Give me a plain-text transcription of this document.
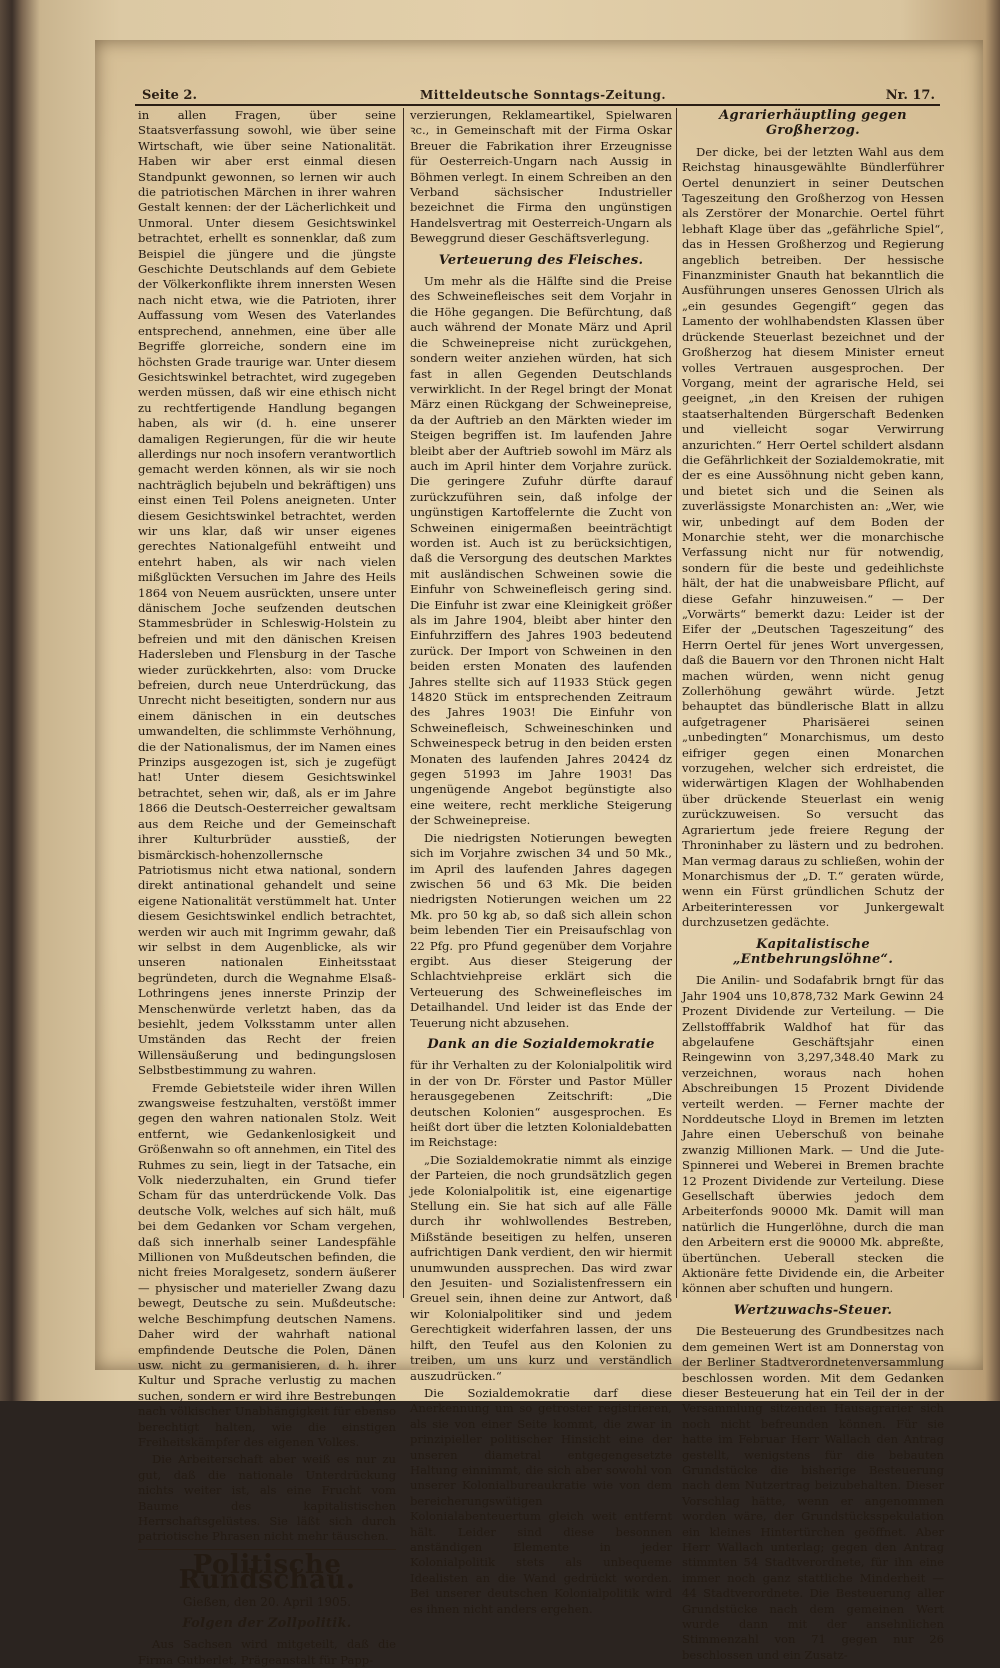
Seite 2.	Mitteldeutsche Sonntags-Zeitung.	Nr. 17.

in allen Fragen, über seine Staatsverfassung sowohl, wie über seine Wirtschaft, wie über seine Nationalität. Haben wir aber erst einmal diesen Standpunkt gewonnen, so lernen wir auch die patriotischen Märchen in ihrer wahren Gestalt kennen: der der Lächerlichkeit und Unmoral. Unter diesem Gesichtswinkel betrachtet, erhellt es sonnenklar, daß zum Beispiel die jüngere und die jüngste Geschichte Deutschlands auf dem Gebiete der Völkerkonflikte ihrem innersten Wesen nach nicht etwa, wie die Patrioten, ihrer Auffassung vom Wesen des Vaterlandes entsprechend, annehmen, eine über alle Begriffe glorreiche, sondern eine im höchsten Grade traurige war. Unter diesem Gesichtswinkel betrachtet, wird zugegeben werden müssen, daß wir eine ethisch nicht zu rechtfertigende Handlung begangen haben, als wir (d. h. eine unserer damaligen Regierungen, für die wir heute allerdings nur noch insofern verantwortlich gemacht werden können, als wir sie noch nachträglich bejubeln und bekräftigen) uns einst einen Teil Polens aneigneten. Unter diesem Gesichtswinkel betrachtet, werden wir uns klar, daß wir unser eigenes gerechtes Nationalgefühl entweiht und entehrt haben, als wir nach vielen mißglückten Versuchen im Jahre des Heils 1864 von Neuem ausrückten, unsere unter dänischem Joche seufzenden deutschen Stammesbrüder in Schleswig-Holstein zu befreien und mit den dänischen Kreisen Hadersleben und Flensburg in der Tasche wieder zurückkehrten, also: vom Drucke befreien, durch neue Unterdrückung, das Unrecht nicht beseitigten, sondern nur aus einem dänischen in ein deutsches umwandelten, die schlimmste Verhöhnung, die der Nationalismus, der im Namen eines Prinzips ausgezogen ist, sich je zugefügt hat! Unter diesem Gesichtswinkel betrachtet, sehen wir, daß, als er im Jahre 1866 die Deutsch-Oesterreicher gewaltsam aus dem Reiche und der Gemeinschaft ihrer Kulturbrüder ausstieß, der bismärckisch-hohenzollernsche Patriotismus nicht etwa national, sondern direkt antinational gehandelt und seine eigene Nationalität verstümmelt hat. Unter diesem Gesichtswinkel endlich betrachtet, werden wir auch mit Ingrimm gewahr, daß wir selbst in dem Augenblicke, als wir unseren nationalen Einheitsstaat begründeten, durch die Wegnahme Elsaß-Lothringens jenes innerste Prinzip der Menschenwürde verletzt haben, das da besiehlt, jedem Volksstamm unter allen Umständen das Recht der freien Willensäußerung und bedingungslosen Selbstbestimmung zu wahren.

Fremde Gebietsteile wider ihren Willen zwangsweise festzuhalten, verstößt immer gegen den wahren nationalen Stolz. Weit entfernt, wie Gedankenlosigkeit und Größenwahn so oft annehmen, ein Titel des Ruhmes zu sein, liegt in der Tatsache, ein Volk niederzuhalten, ein Grund tiefer Scham für das unterdrückende Volk. Das deutsche Volk, welches auf sich hält, muß bei dem Gedanken vor Scham vergehen, daß sich innerhalb seiner Landespfähle Millionen von Mußdeutschen befinden, die nicht freies Moralgesetz, sondern äußerer — physischer und materieller Zwang dazu bewegt, Deutsche zu sein. Mußdeutsche: welche Beschimpfung deutschen Namens. Daher wird der wahrhaft national empfindende Deutsche die Polen, Dänen usw. nicht zu germanisieren, d. h. ihrer Kultur und Sprache verlustig zu machen suchen, sondern er wird ihre Bestrebungen nach völkischer Unabhängigkeit für ebenso berechtigt halten, wie die einstigen Freiheitskämpfer des eigenen Volkes.

Die Arbeiterschaft aber weiß es nur zu gut, daß die nationale Unterdrückung nichts weiter ist, als eine Frucht vom Baume des kapitalistischen Herrschaftsgelüstes. Sie läßt sich durch patriotische Phrasen nicht mehr täuschen.

Politische Rundschau.
Gießen, den 20. April 1905.
Folgen der Zollpolitik.

Aus Sachsen wird mitgeteilt, daß die Firma Gutberlet, Prägeanstalt für Papp-

verzierungen, Reklameartikel, Spielwaren ꝛc., in Gemeinschaft mit der Firma Oskar Breuer die Fabrikation ihrer Erzeugnisse für Oesterreich-Ungarn nach Aussig in Böhmen verlegt. In einem Schreiben an den Verband sächsischer Industrieller bezeichnet die Firma den ungünstigen Handelsvertrag mit Oesterreich-Ungarn als Beweggrund dieser Geschäftsverlegung.

Verteuerung des Fleisches.

Um mehr als die Hälfte sind die Preise des Schweinefleisches seit dem Vorjahr in die Höhe gegangen. Die Befürchtung, daß auch während der Monate März und April die Schweinepreise nicht zurückgehen, sondern weiter anziehen würden, hat sich fast in allen Gegenden Deutschlands verwirklicht. In der Regel bringt der Monat März einen Rückgang der Schweinepreise, da der Auftrieb an den Märkten wieder im Steigen begriffen ist. Im laufenden Jahre bleibt aber der Auftrieb sowohl im März als auch im April hinter dem Vorjahre zurück. Die geringere Zufuhr dürfte darauf zurückzuführen sein, daß infolge der ungünstigen Kartoffelernte die Zucht von Schweinen einigermaßen beeinträchtigt worden ist. Auch ist zu berücksichtigen, daß die Versorgung des deutschen Marktes mit ausländischen Schweinen sowie die Einfuhr von Schweinefleisch gering sind. Die Einfuhr ist zwar eine Kleinigkeit größer als im Jahre 1904, bleibt aber hinter den Einfuhrziffern des Jahres 1903 bedeutend zurück. Der Import von Schweinen in den beiden ersten Monaten des laufenden Jahres stellte sich auf 11933 Stück gegen 14820 Stück im entsprechenden Zeitraum des Jahres 1903! Die Einfuhr von Schweinefleisch, Schweineschinken und Schweinespeck betrug in den beiden ersten Monaten des laufenden Jahres 20424 dz gegen 51993 im Jahre 1903! Das ungenügende Angebot begünstigte also eine weitere, recht merkliche Steigerung der Schweinepreise.

Die niedrigsten Notierungen bewegten sich im Vorjahre zwischen 34 und 50 Mk., im April des laufenden Jahres dagegen zwischen 56 und 63 Mk. Die beiden niedrigsten Notierungen weichen um 22 Mk. pro 50 kg ab, so daß sich allein schon beim lebenden Tier ein Preisaufschlag von 22 Pfg. pro Pfund gegenüber dem Vorjahre ergibt. Aus dieser Steigerung der Schlachtviehpreise erklärt sich die Verteuerung des Schweinefleisches im Detailhandel. Und leider ist das Ende der Teuerung nicht abzusehen.

Dank an die Sozialdemokratie

für ihr Verhalten zu der Kolonialpolitik wird in der von Dr. Förster und Pastor Müller herausgegebenen Zeitschrift: „Die deutschen Kolonien“ ausgesprochen. Es heißt dort über die letzten Kolonialdebatten im Reichstage:

„Die Sozialdemokratie nimmt als einzige der Parteien, die noch grundsätzlich gegen jede Kolonialpolitik ist, eine eigenartige Stellung ein. Sie hat sich auf alle Fälle durch ihr wohlwollendes Bestreben, Mißstände beseitigen zu helfen, unseren aufrichtigen Dank verdient, den wir hiermit unumwunden aussprechen. Das wird zwar den Jesuiten- und Sozialistenfressern ein Greuel sein, ihnen deine zur Antwort, daß wir Kolonialpolitiker sind und jedem Gerechtigkeit widerfahren lassen, der uns hilft, den Teufel aus den Kolonien zu treiben, um uns kurz und verständlich auszudrücken.“

Die Sozialdemokratie darf diese Anerkennung um so getroster registrieren, als sie von einer Seite kommt, die zwar in prinzipieller politischer Hinsicht eine der unseren diametral entgegengesetzte Haltung einnimmt, die sich aber sowohl von unserer Kolonialbureaukratie wie von dem bereicherungswütigen Kolonialabenteuertum gleich weit entfernt hält. Leider sind diese besonnen anständigen Elemente in jeder Kolonialpolitik stets als unbequeme Idealisten an die Wand gedrückt worden. Bei unserer deutschen Kolonialpolitik wird es ihnen nicht anders ergehen.

Agrarierhäuptling gegen Großherzog.

Der dicke, bei der letzten Wahl aus dem Reichstag hinausgewählte Bündlerführer Oertel denunziert in seiner Deutschen Tageszeitung den Großherzog von Hessen als Zerstörer der Monarchie. Oertel führt lebhaft Klage über das „gefährliche Spiel“, das in Hessen Großherzog und Regierung angeblich betreiben. Der hessische Finanzminister Gnauth hat bekanntlich die Ausführungen unseres Genossen Ulrich als „ein gesundes Gegengift“ gegen das Lamento der wohlhabendsten Klassen über drückende Steuerlast bezeichnet und der Großherzog hat diesem Minister erneut volles Vertrauen ausgesprochen. Der Vorgang, meint der agrarische Held, sei geeignet, „in den Kreisen der ruhigen staatserhaltenden Bürgerschaft Bedenken und vielleicht sogar Verwirrung anzurichten.“ Herr Oertel schildert alsdann die Gefährlichkeit der Sozialdemokratie, mit der es eine Aussöhnung nicht geben kann, und bietet sich und die Seinen als zuverlässigste Monarchisten an: „Wer, wie wir, unbedingt auf dem Boden der Monarchie steht, wer die monarchische Verfassung nicht nur für notwendig, sondern für die beste und gedeihlichste hält, der hat die unabweisbare Pflicht, auf diese Gefahr hinzuweisen.“ — Der „Vorwärts“ bemerkt dazu: Leider ist der Eifer der „Deutschen Tageszeitung“ des Herrn Oertel für jenes Wort unvergessen, daß die Bauern vor den Thronen nicht Halt machen würden, wenn nicht genug Zollerhöhung gewährt würde. Jetzt behauptet das bündlerische Blatt in allzu aufgetragener Pharisäerei seinen „unbedingten“ Monarchismus, um desto eifriger gegen einen Monarchen vorzugehen, welcher sich erdreistet, die widerwärtigen Klagen der Wohlhabenden über drückende Steuerlast ein wenig zurückzuweisen. So versucht das Agrariertum jede freiere Regung der Throninhaber zu lästern und zu bedrohen. Man vermag daraus zu schließen, wohin der Monarchismus der „D. T.“ geraten würde, wenn ein Fürst gründlichen Schutz der Arbeiterinteressen vor Junkergewalt durchzusetzen gedächte.

Kapitalistische „Entbehrungslöhne“.

Die Anilin- und Sodafabrik brngt für das Jahr 1904 uns 10,878,732 Mark Gewinn 24 Prozent Dividende zur Verteilung. — Die Zellstofffabrik Waldhof hat für das abgelaufene Geschäftsjahr einen Reingewinn von 3,297,348.40 Mark zu verzeichnen, woraus nach hohen Abschreibungen 15 Prozent Dividende verteilt werden. — Ferner machte der Norddeutsche Lloyd in Bremen im letzten Jahre einen Ueberschuß von beinahe zwanzig Millionen Mark. — Und die Jute-Spinnerei und Weberei in Bremen brachte 12 Prozent Dividende zur Verteilung. Diese Gesellschaft überwies jedoch dem Arbeiterfonds 90000 Mk. Damit will man natürlich die Hungerlöhne, durch die man den Arbeitern erst die 90000 Mk. abpreßte, übertünchen. Ueberall stecken die Aktionäre fette Dividende ein, die Arbeiter können aber schuften und hungern.

Wertzuwachs-Steuer.

Die Besteuerung des Grundbesitzes nach dem gemeinen Wert ist am Donnerstag von der Berliner Stadtverordnetenversammlung beschlossen worden. Mit dem Gedanken dieser Besteuerung hat ein Teil der in der Versammlung sitzenden Hausagrarier sich noch nicht befreunden können. Für sie hatte im Februar Herr Wallach den Antrag gestellt, wenigstens für die bebauten Grundstücke die bisherige Besteuerung nach dem Nutzertrag beizubehalten. Dieser Vorschlag hätte, wenn er angenommen worden wäre, der Grundstücksspekulation ein kleines Hintertürchen geöffnet. Aber Herr Wallach unterlag; gegen den Antrag stimmten 54 Stadtverordnete, für ihn eine immer noch ganz stattliche Minderheit — 44 Stadtverordnete. Die Besteuerung aller Grundstücke nach dem gemeinen Wert wurde dann mit der ansehnlichen Stimmenzahl von 71 gegen nur 26 beschlossen und ein Zusatz-
